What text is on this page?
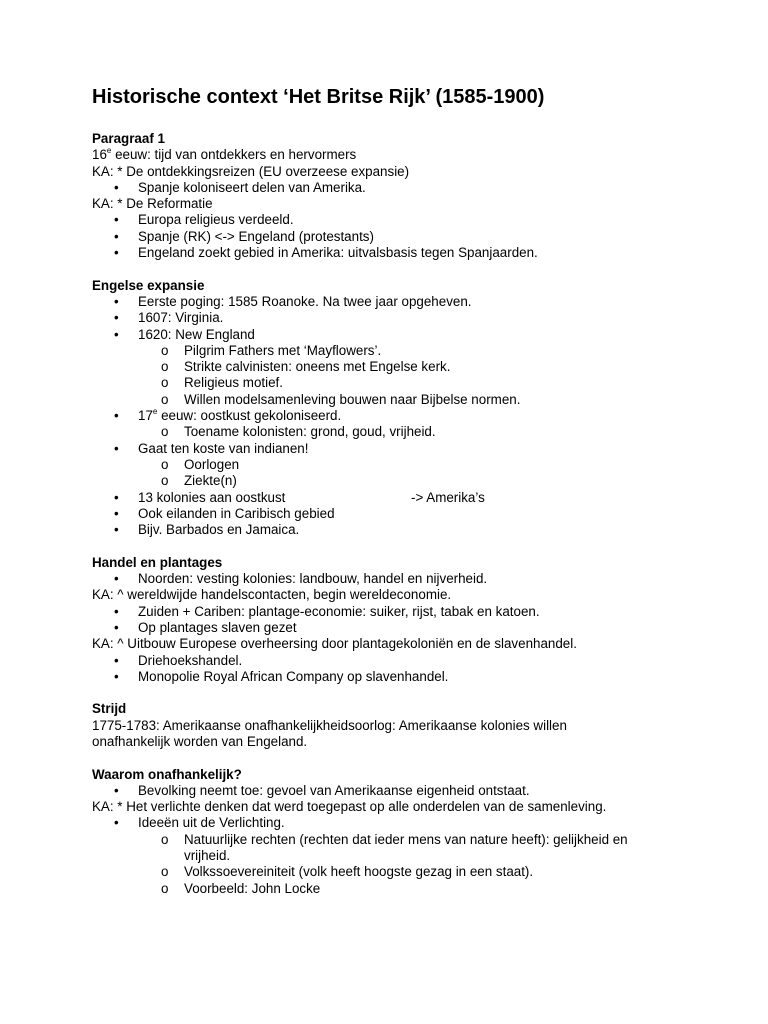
Historische context ‘Het Britse Rijk’ (1585-1900)
Paragraaf 1
16e eeuw: tijd van ontdekkers en hervormers
KA: * De ontdekkingsreizen (EU overzeese expansie)
• Spanje koloniseert delen van Amerika.
KA: * De Reformatie
• Europa religieus verdeeld.
• Spanje (RK) <-> Engeland (protestants)
• Engeland zoekt gebied in Amerika: uitvalsbasis tegen Spanjaarden.
Engelse expansie
• Eerste poging: 1585 Roanoke. Na twee jaar opgeheven.
• 1607: Virginia.
• 1620: New England
o Pilgrim Fathers met ‘Mayflowers’.
o Strikte calvinisten: oneens met Engelse kerk.
o Religieus motief.
o Willen modelsamenleving bouwen naar Bijbelse normen.
• 17e eeuw: oostkust gekoloniseerd.
o Toename kolonisten: grond, goud, vrijheid.
• Gaat ten koste van indianen!
o Oorlogen
o Ziekte(n)
• 13 kolonies aan oostkust	-> Amerika’s
• Ook eilanden in Caribisch gebied
• Bijv. Barbados en Jamaica.
Handel en plantages
• Noorden: vesting kolonies: landbouw, handel en nijverheid.
KA: ^ wereldwijde handelscontacten, begin wereldeconomie.
• Zuiden + Cariben: plantage-economie: suiker, rijst, tabak en katoen.
• Op plantages slaven gezet
KA: ^ Uitbouw Europese overheersing door plantagekoloniën en de slavenhandel.
• Driehoekshandel.
• Monopolie Royal African Company op slavenhandel.
Strijd
1775-1783: Amerikaanse onafhankelijkheidsoorlog: Amerikaanse kolonies willen
onafhankelijk worden van Engeland.
Waarom onafhankelijk?
• Bevolking neemt toe: gevoel van Amerikaanse eigenheid ontstaat.
KA: * Het verlichte denken dat werd toegepast op alle onderdelen van de samenleving.
• Ideeën uit de Verlichting.
o Natuurlijke rechten (rechten dat ieder mens van nature heeft): gelijkheid en vrijheid.
o Volkssoevereiniteit (volk heeft hoogste gezag in een staat).
o Voorbeeld: John Locke
